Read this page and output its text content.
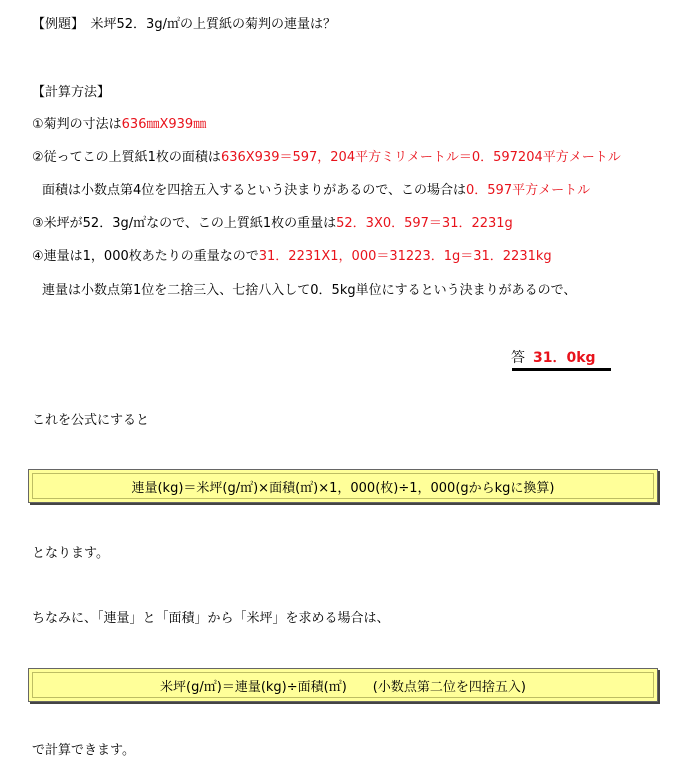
【例題】　米坪52．3g/㎡の上質紙の菊判の連量は？
【計算方法】
①菊判の寸法は636㎜X939㎜
②従ってこの上質紙1枚の面積は636X939＝597，204平方ミリメートル＝0．597204平方メートル
面積は小数点第4位を四捨五入するという決まりがあるので、この場合は0．597平方メートル
③米坪が52．3g/㎡なので、この上質紙1枚の重量は52．3X0．597＝31．2231g
④連量は1，000枚あたりの重量なので31．2231X1，000＝31223．1g＝31．2231kg
連量は小数点第1位を二捨三入、七捨八入して0．5kg単位にするという決まりがあるので、
答 31．0kg
これを公式にすると
連量(kg)＝米坪(g/㎡)×面積(㎡)×1，000(枚)÷1，000(gからkgに換算)
となります。
ちなみに、「連量」と「面積」から「米坪」を求める場合は、
米坪(g/㎡)＝連量(kg)÷面積(㎡)　　(小数点第二位を四捨五入)
で計算できます。
